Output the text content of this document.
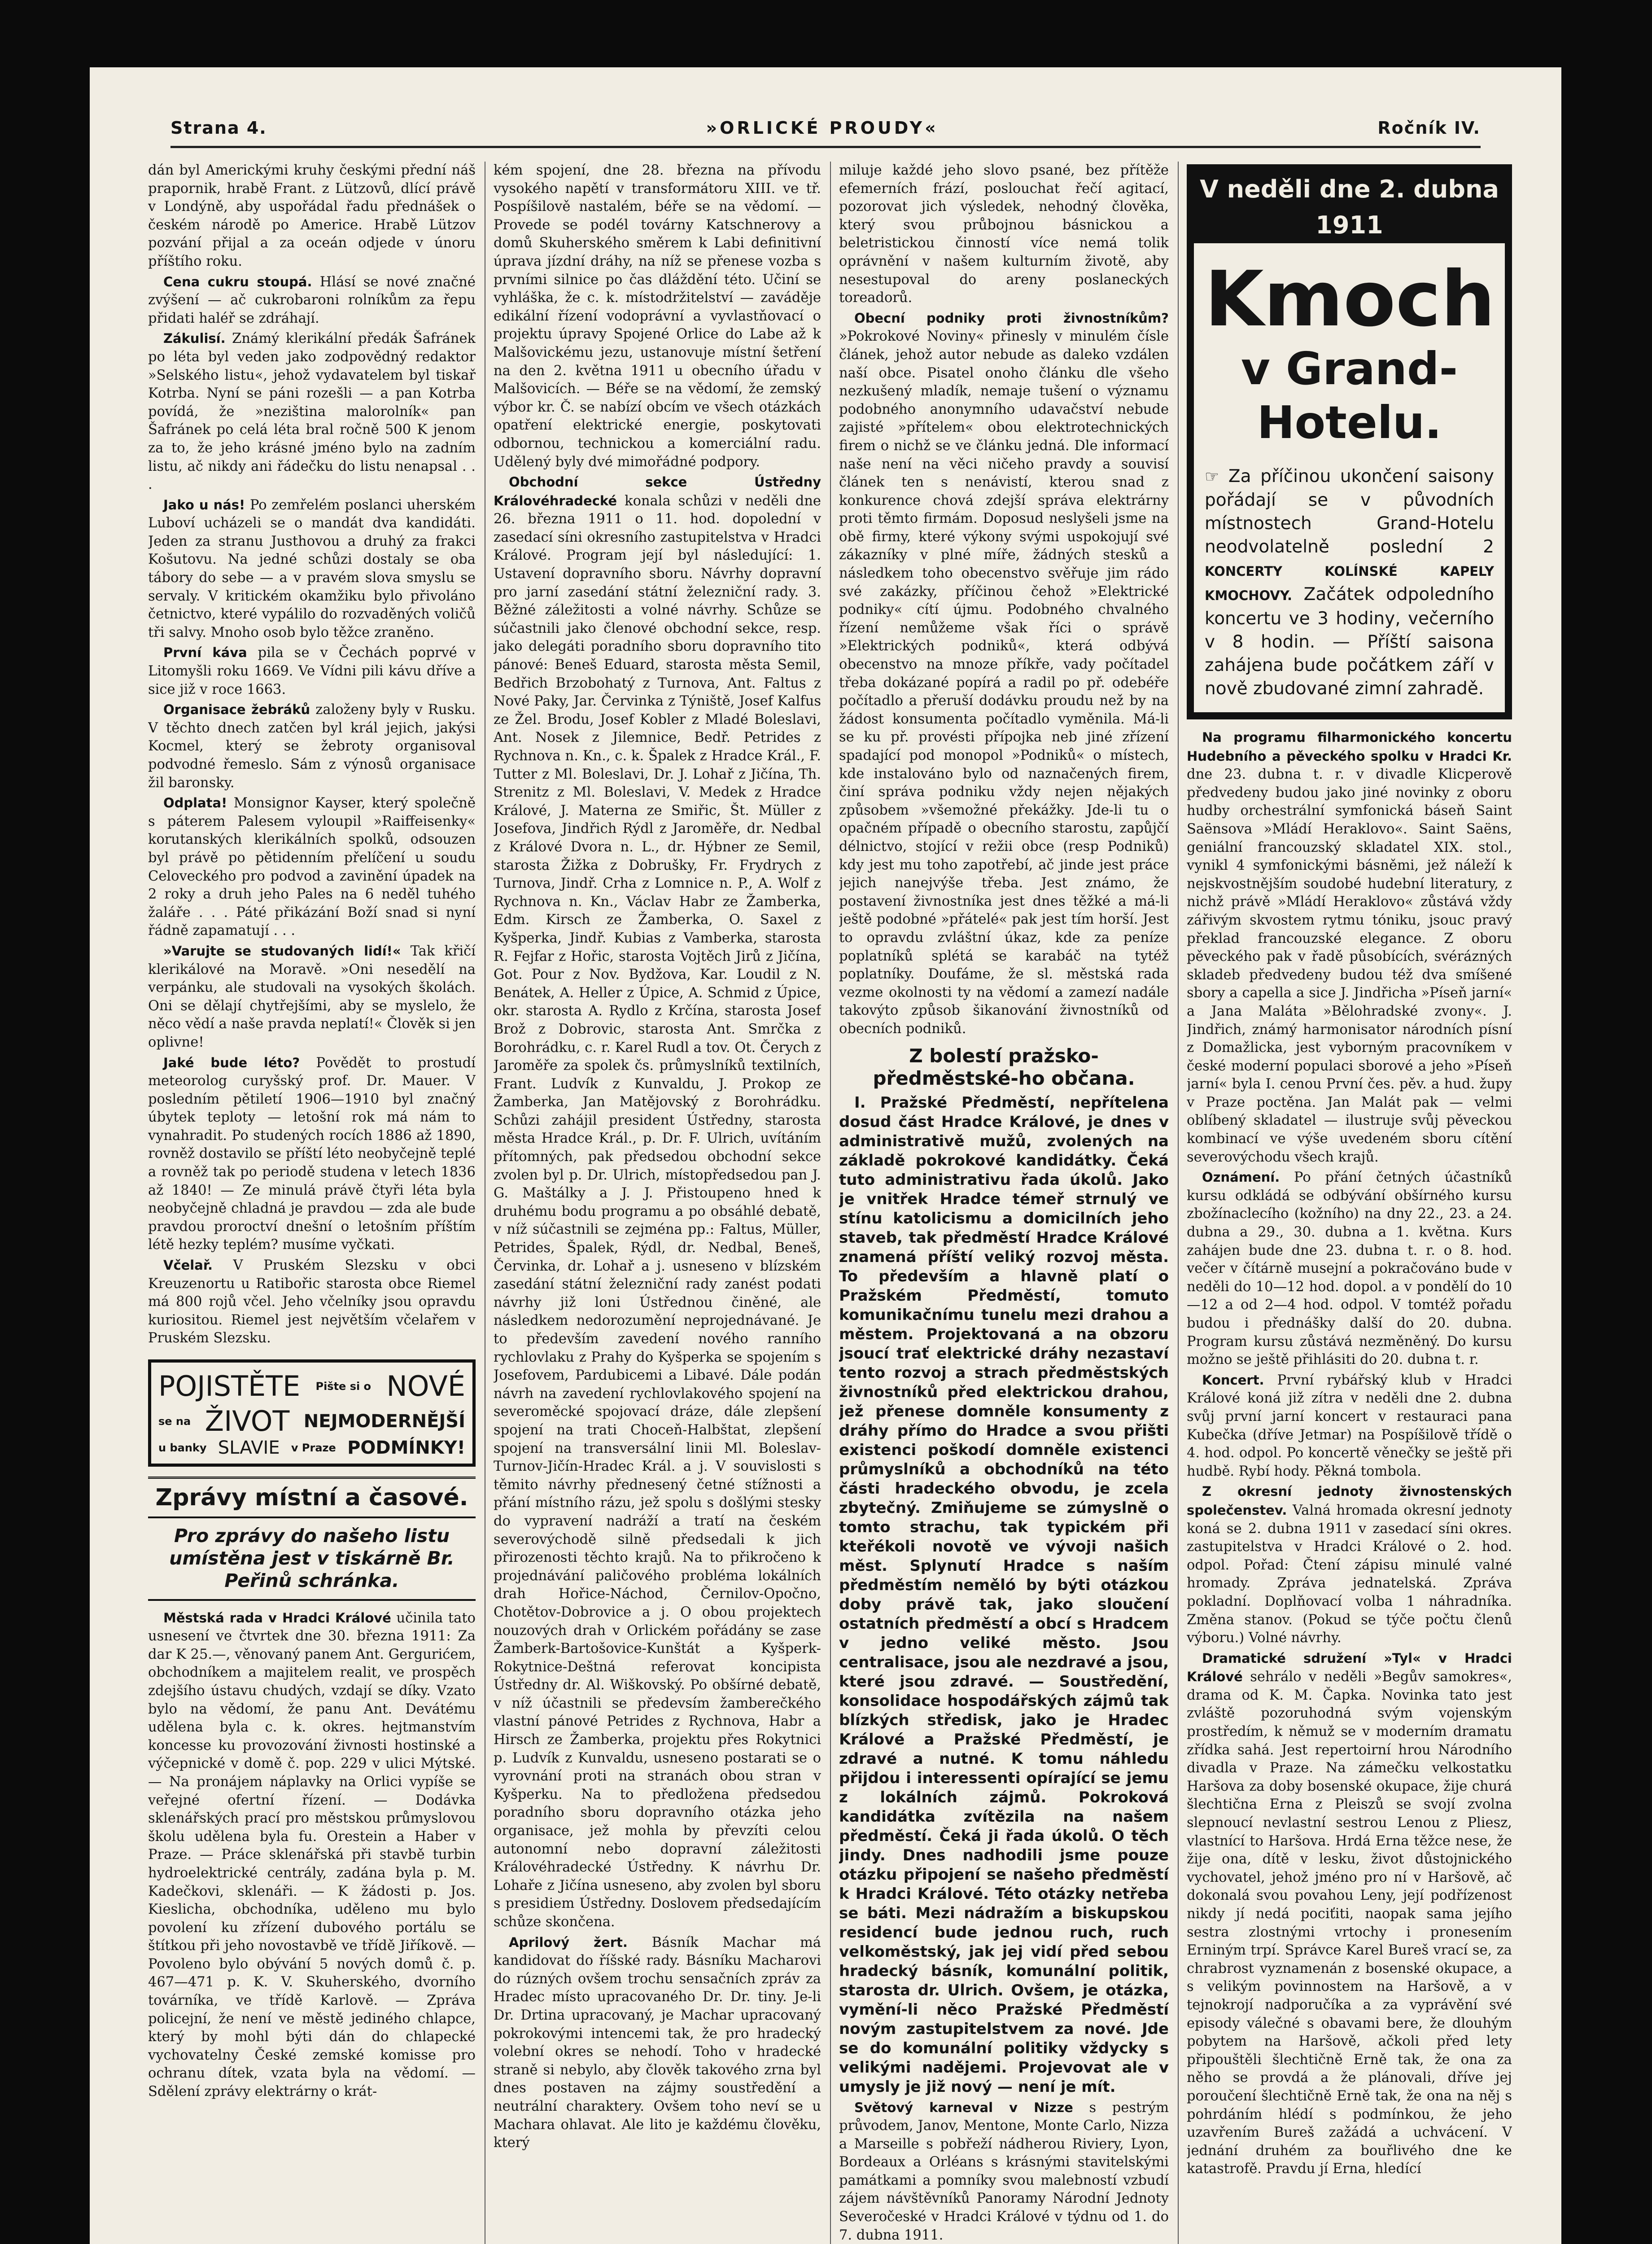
Strana 4.	»ORLICKÉ PROUDY«	Ročník IV.

dán byl Americkými kruhy českými přední náš prapornik, hrabě Frant. z Lützovů, dlící právě v Londýně, aby uspořádal řadu přednášek o českém národě po Americe. Hrabě Lützov pozvání přijal a za oceán odjede v únoru příštího roku.

Cena cukru stoupá. Hlásí se nové značné zvýšení — ač cukrobaroni rolníkům za řepu přidati haléř se zdráhají.

Zákulisí. Známý klerikální předák Šafránek po léta byl veden jako zodpovědný redaktor »Selského listu«, jehož vydavatelem byl tiskař Kotrba. Nyní se páni rozešli — a pan Kotrba povídá, že »neziština malorolník« pan Šafránek po celá léta bral ročně 500 K jenom za to, že jeho krásné jméno bylo na zadním listu, ač nikdy ani řádečku do listu nenapsal . . .

Jako u nás! Po zemřelém poslanci uherském Luboví ucházeli se o mandát dva kandidáti. Jeden za stranu Justhovou a druhý za frakci Košutovu. Na jedné schůzi dostaly se oba tábory do sebe — a v pravém slova smyslu se servaly. V kritickém okamžiku bylo přivoláno četnictvo, které vypálilo do rozvaděných voličů tři salvy. Mnoho osob bylo těžce zraněno.

První káva pila se v Čechách poprvé v Litomyšli roku 1669. Ve Vídni pili kávu dříve a sice již v roce 1663.

Organisace žebráků založeny byly v Rusku. V těchto dnech zatčen byl král jejich, jakýsi Kocmel, který se žebroty organisoval podvodné řemeslo. Sám z výnosů organisace žil baronsky.

Odplata! Monsignor Kayser, který společně s páterem Palesem vyloupil »Raiffeisenky« korutanských klerikálních spolků, odsouzen byl právě po pětidenním přelíčení u soudu Celoveckého pro podvod a zavinění úpadek na 2 roky a druh jeho Pales na 6 neděl tuhého žaláře . . . Páté přikázání Boží snad si nyní řádně zapamatují . . .

»Varujte se studovaných lidí!« Tak křičí klerikálové na Moravě. »Oni nesedělí na verpánku, ale studovali na vysokých školách. Oni se dělají chytřejšími, aby se myslelo, že něco vědí a naše pravda neplatí!« Člověk si jen oplivne!

Jaké bude léto? Povědět to prostudí meteorolog curyšský prof. Dr. Mauer. V posledním pětiletí 1906—1910 byl značný úbytek teploty — letošní rok má nám to vynahradit. Po studených rocích 1886 až 1890, rovněž dostavilo se příští léto neobyčejně teplé a rovněž tak po periodě studena v letech 1836 až 1840! — Ze minulá právě čtyři léta byla neobyčejně chladná je pravdou — zda ale bude pravdou proroctví dnešní o letošním příštím létě hezky teplém? musíme vyčkati.

Včelař. V Pruském Slezsku v obci Kreuzenortu u Ratibořic starosta obce Riemel má 800 rojů včel. Jeho včelníky jsou opravdu kuriositou. Riemel jest největším včelařem v Pruském Slezsku.

POJISTĚTE Pište si o NOVÉ
se na ŽIVOT NEJMODERNĚJŠÍ
u banky SLAVIE v Praze PODMÍNKY!
Zprávy místní a časové.
Pro zprávy do našeho listu umístěna jest v tiskárně Br. Peřinů schránka.

Městská rada v Hradci Králové učinila tato usnesení ve čtvrtek dne 30. března 1911: Za dar K 25.—, věnovaný panem Ant. Gergurićem, obchodníkem a majitelem realit, ve prospěch zdejšího ústavu chudých, vzdají se díky. Vzato bylo na vědomí, že panu Ant. Devátému udělena byla c. k. okres. hejtmanstvím koncesse ku provozování živnosti hostinské a výčepnické v domě č. pop. 229 v ulici Mýtské. — Na pronájem náplavky na Orlici vypíše se veřejné ofertní řízení. — Dodávka sklenářských prací pro městskou průmyslovou školu udělena byla fu. Orestein a Haber v Praze. — Práce sklenářská při stavbě turbin hydroelektrické centrály, zadána byla p. M. Kadečkovi, sklenáři. — K žádosti p. Jos. Kieslicha, obchodníka, uděleno mu bylo povolení ku zřízení dubového portálu se štítkou při jeho novostavbě ve třídě Jiříkově. — Povoleno bylo obývání 5 nových domů č. p. 467—471 p. K. V. Skuherského, dvorního továrníka, ve třídě Karlově. — Zpráva policejní, že není ve městě jediného chlapce, který by mohl býti dán do chlapecké vychovatelny České zemské komisse pro ochranu dítek, vzata byla na vědomí. — Sdělení zprávy elektrárny o krát-

kém spojení, dne 28. března na přívodu vysokého napětí v transformátoru XIII. ve tř. Pospíšilově nastalém, béře se na vědomí. — Provede se podél továrny Katschnerovy a domů Skuherského směrem k Labi definitivní úprava jízdní dráhy, na níž se přenese vozba s prvními silnice po čas dláždění této. Učiní se vyhláška, že c. k. místodržitelství — zaváděje edikální řízení vodoprávní a vyvlastňovací o projektu úpravy Spojené Orlice do Labe až k Malšovickému jezu, ustanovuje místní šetření na den 2. května 1911 u obecního úřadu v Malšovicích. — Béře se na vědomí, že zemský výbor kr. Č. se nabízí obcím ve všech otázkách opatření elektrické energie, poskytovati odbornou, technickou a komerciální radu. Udělený byly dvé mimořádné podpory.

Obchodní sekce Ústředny Královéhradecké konala schůzi v neděli dne 26. března 1911 o 11. hod. dopolední v zasedací síni okresního zastupitelstva v Hradci Králové. Program její byl následující: 1. Ustavení dopravního sboru. Návrhy dopravní pro jarní zasedání státní železniční rady. 3. Běžné záležitosti a volné návrhy. Schůze se súčastnili jako členové obchodní sekce, resp. jako delegáti poradního sboru dopravního tito pánové: Beneš Eduard, starosta města Semil, Bedřich Brzobohatý z Turnova, Ant. Faltus z Nové Paky, Jar. Červinka z Týniště, Josef Kalfus ze Žel. Brodu, Josef Kobler z Mladé Boleslavi, Ant. Nosek z Jilemnice, Bedř. Petrides z Rychnova n. Kn., c. k. Špalek z Hradce Král., F. Tutter z Ml. Boleslavi, Dr. J. Lohař z Jičína, Th. Strenitz z Ml. Boleslavi, V. Medek z Hradce Králové, J. Materna ze Smiřic, Št. Müller z Josefova, Jindřich Rýdl z Jaroměře, dr. Nedbal z Králové Dvora n. L., dr. Hýbner ze Semil, starosta Žižka z Dobrušky, Fr. Frydrych z Turnova, Jindř. Crha z Lomnice n. P., A. Wolf z Rychnova n. Kn., Václav Habr ze Žamberka, Edm. Kirsch ze Žamberka, O. Saxel z Kyšperka, Jindř. Kubias z Vamberka, starosta R. Fejfar z Hořic, starosta Vojtěch Jirů z Jičína, Got. Pour z Nov. Bydžova, Kar. Loudil z N. Benátek, A. Heller z Úpice, A. Schmid z Úpice, okr. starosta A. Rydlo z Krčína, starosta Josef Brož z Dobrovic, starosta Ant. Smrčka z Borohrádku, c. r. Karel Rudl a tov. Ot. Čerych z Jaroměře za spolek čs. průmyslníků textilních, Frant. Ludvík z Kunvaldu, J. Prokop ze Žamberka, Jan Matějovský z Borohrádku. Schůzi zahájil president Ústředny, starosta města Hradce Král., p. Dr. F. Ulrich, uvítáním přítomných, pak předsedou obchodní sekce zvolen byl p. Dr. Ulrich, místopředsedou pan J. G. Maštálky a J. J. Přistoupeno hned k druhému bodu programu a po obsáhlé debatě, v níž súčastnili se zejména pp.: Faltus, Müller, Petrides, Špalek, Rýdl, dr. Nedbal, Beneš, Červinka, dr. Lohař a j. usneseno v blízském zasedání státní železniční rady zanést podati návrhy již loni Ústřednou činěné, ale následkem nedorozumění neprojednávané. Je to především zavedení nového ranního rychlovlaku z Prahy do Kyšperka se spojením s Josefovem, Pardubicemi a Libavé. Dále podán návrh na zavedení rychlovlakového spojení na severoměcké spojovací dráze, dále zlepšení spojení na trati Choceň-Halbštat, zlepšení spojení na transversální linii Ml. Boleslav-Turnov-Jičín-Hradec Král. a j. V souvislosti s těmito návrhy přednesený četné stížnosti a přání místního rázu, jež spolu s došlými stesky do vypravení nadráží a tratí na českém severovýchodě silně předsedali k jich přirozenosti těchto krajů. Na to přikročeno k projednávání paličového probléma lokálních drah Hořice-Náchod, Černilov-Opočno, Chotětov-Dobrovice a j. O obou projektech nouzových drah v Orlickém pořádány se zase Žamberk-Bartošovice-Kunštát a Kyšperk-Rokytnice-Deštná referovat koncipista Ústředny dr. Al. Wiškovský. Po obšírné debatě, v níž účastnili se předevsím žamberečkého vlastní pánové Petrides z Rychnova, Habr a Hirsch ze Žamberka, projektu přes Rokytnici p. Ludvík z Kunvaldu, usneseno postarati se o vyrovnání proti na stranách obou stran v Kyšperku. Na to předložena předsedou poradního sboru dopravního otázka jeho organisace, jež mohla by převzíti celou autonomní nebo dopravní záležitosti Královéhradecké Ústředny. K návrhu Dr. Lohaře z Jičína usneseno, aby zvolen byl sboru s presidiem Ústředny. Doslovem předsedajícím schůze skončena.

Aprilový žert. Básník Machar má kandidovat do říšské rady. Básníku Macharovi do rúzných ovšem trochu sensačních zpráv za Hradec místo upracovaného Dr. Dr. tiny. Je-li Dr. Drtina upracovaný, je Machar upracovaný pokrokovými intencemi tak, že pro hradecký volební okres se nehodí. Toho v hradecké straně si nebylo, aby člověk takového zrna byl dnes postaven na zájmy soustředění a neutrální charaktery. Ovšem toho neví se u Machara ohlavat. Ale lito je každému člověku, který

miluje každé jeho slovo psané, bez přítěže efemerních frází, poslouchat řečí agitací, pozorovat jich výsledek, nehodný člověka, který svou průbojnou básnickou a beletristickou činností více nemá tolik oprávnění v našem kulturním životě, aby nesestupoval do areny poslaneckých toreadorů.

Obecní podniky proti živnostníkům? »Pokrokové Noviny« přinesly v minulém čísle článek, jehož autor nebude as daleko vzdálen naší obce. Pisatel onoho článku dle všeho nezkušený mladík, nemaje tušení o významu podobného anonymního udavačství nebude zajisté »přítelem« obou elektrotechnických firem o nichž se ve článku jedná. Dle informací naše není na věci ničeho pravdy a souvisí článek ten s nenávistí, kterou snad z konkurence chová zdejší správa elektrárny proti těmto firmám. Doposud neslyšeli jsme na obě firmy, které výkony svými uspokojují své zákazníky v plné míře, žádných stesků a následkem toho obecenstvo svěřuje jim rádo své zakázky, příčinou čehož »Elektrické podniky« cítí újmu. Podobného chvalného řízení nemůžeme však říci o správě »Elektrických podniků«, která odbývá obecenstvo na mnoze příkře, vady počítadel třeba dokázané popírá a radil po př. odebéře počítadlo a přeruší dodávku proudu než by na žádost konsumenta počítadlo vyměnila. Má-li se ku př. provésti přípojka neb jiné zřízení spadající pod monopol »Podniků« o místech, kde instalováno bylo od naznačených firem, činí správa podniku vždy nejen nějakých způsobem »všemožné překážky. Jde-li tu o opačném případě o obecního starostu, zapůjčí délnictvo, stojící v režii obce (resp Podniků) kdy jest mu toho zapotřebí, ač jinde jest práce jejich nanejvýše třeba. Jest známo, že postavení živnostníka jest dnes těžké a má-li ještě podobné »přátelé« pak jest tím horší. Jest to opravdu zvláštní úkaz, kde za peníze poplatníků splétá se karabáč na tytéž poplatníky. Doufáme, že sl. městská rada vezme okolnosti ty na vědomí a zamezí nadále takovýto způsob šikanování živnostníků od obecních podniků.

Z bolestí pražsko-předměstské-ho občana.

I. Pražské Předměstí, nepřítelena dosud část Hradce Králové, je dnes v administrativě mužů, zvolených na základě pokrokové kandidátky. Čeká tuto administrativu řada úkolů. Jako je vnitřek Hradce témeř strnulý ve stínu katolicismu a domicilních jeho staveb, tak předměstí Hradce Králové znamená příští veliký rozvoj města. To především a hlavně platí o Pražském Předměstí, tomuto komunikačnímu tunelu mezi drahou a městem. Projektovaná a na obzoru jsoucí trať elektrické dráhy nezastaví tento rozvoj a strach předměstských živnostníků před elektrickou drahou, jež přenese domněle konsumenty z dráhy přímo do Hradce a svou přišti existenci poškodí domněle existenci průmyslníků a obchodníků na této části hradeckého obvodu, je zcela zbytečný. Zmiňujeme se zúmyslně o tomto strachu, tak typickém při kteřékoli novotě ve vývoji našich měst. Splynutí Hradce s naším předměstím neměló by býti otázkou doby právě tak, jako sloučení ostatních předměstí a obcí s Hradcem v jedno veliké město. Jsou centralisace, jsou ale nezdravé a jsou, které jsou zdravé. — Soustředění, konsolidace hospodářských zájmů tak blízkých středisk, jako je Hradec Králové a Pražské Předměstí, je zdravé a nutné. K tomu náhledu přijdou i interessenti opírající se jemu z lokálních zájmů. Pokroková kandidátka zvítězila na našem předměstí. Čeká ji řada úkolů. O těch jindy. Dnes nadhodili jsme pouze otázku připojení se našeho předměstí k Hradci Králové. Této otázky netřeba se báti. Mezi nádražím a biskupskou residencí bude jednou ruch, ruch velkoměstský, jak jej vidí před sebou hradecký básník, komunální politik, starosta dr. Ulrich. Ovšem, je otázka, vymění-li něco Pražské Předměstí novým zastupitelstvem za nové. Jde se do komunální politiky vždycky s velikými nadějemi. Projevovat ale v umysly je již nový — není je mít.

Světový karneval v Nizze s pestrým průvodem, Janov, Mentone, Monte Carlo, Nizza a Marseille s pobřeží nádherou Riviery, Lyon, Bordeaux a Orléans s krásnými stavitelskými památkami a pomníky svou malebností vzbudí zájem návštěvníků Panoramy Národní Jednoty Severočeské v Hradci Králové v týdnu od 1. do 7. dubna 1911.

V neděli dne 2. dubna 1911
Kmoch
v Grand-Hotelu.
☞ Za příčinou ukončení saisony pořádají se v původních místnostech Grand-Hotelu neodvolatelně poslední 2 KONCERTY KOLÍNSKÉ KAPELY KMOCHOVY. Začátek odpoledního koncertu ve 3 hodiny, večerního v 8 hodin. — Příští saisona zahájena bude počátkem září v nově zbudované zimní zahradě.

Na programu filharmonického koncertu Hudebního a pěveckého spolku v Hradci Kr. dne 23. dubna t. r. v divadle Klicperově předvedeny budou jako jiné novinky z oboru hudby orchestrální symfonická báseň Saint Saënsova »Mládí Heraklovo«. Saint Saëns, geniální francouzský skladatel XIX. stol., vynikl 4 symfonickými básněmi, jež náleží k nejskvostnějším soudobé hudební literatury, z nichž právě »Mládí Heraklovo« zůstává vždy zářivým skvostem rytmu tóniku, jsouc pravý překlad francouzské elegance. Z oboru pěveckého pak v řadě působících, svérázných skladeb předvedeny budou též dva smíšené sbory a capella a sice J. Jindřicha »Píseň jarní« a Jana Maláta »Bělohradské zvony«. J. Jindřich, známý harmonisator národních písní z Domažlicka, jest vyborným pracovníkem v české moderní populaci sborové a jeho »Píseň jarní« byla I. cenou První čes. pěv. a hud. župy v Praze poctěna. Jan Malát pak — velmi oblíbený skladatel — ilustruje svůj pěveckou kombinací ve výše uvedeném sboru cítění severovýchodu všech krajů.

Oznámení. Po přání četných účastníků kursu odkládá se odbývání obšírného kursu zbožínaclecího (kožního) na dny 22., 23. a 24. dubna a 29., 30. dubna a 1. května. Kurs zahájen bude dne 23. dubna t. r. o 8. hod. večer v čítárně musejní a pokračováno bude v neděli do 10—12 hod. dopol. a v pondělí do 10—12 a od 2—4 hod. odpol. V tomtéž pořadu budou i přednášky další do 20. dubna. Program kursu zůstává nezměněný. Do kursu možno se ještě přihlásiti do 20. dubna t. r.

Koncert. První rybářský klub v Hradci Králové koná již zítra v neděli dne 2. dubna svůj první jarní koncert v restauraci pana Kubečka (dříve Jetmar) na Pospíšilově třídě o 4. hod. odpol. Po koncertě věnečky se ještě při hudbě. Rybí hody. Pěkná tombola.

Z okresní jednoty živnostenských společenstev. Valná hromada okresní jednoty koná se 2. dubna 1911 v zasedací síni okres. zastupitelstva v Hradci Králové o 2. hod. odpol. Pořad: Čtení zápisu minulé valné hromady. Zpráva jednatelská. Zpráva pokladní. Doplňovací volba 1 náhradníka. Změna stanov. (Pokud se týče počtu členů výboru.) Volné návrhy.

Dramatické sdružení »Tyl« v Hradci Králové sehrálo v neděli »Begův samokres«, drama od K. M. Čapka. Novinka tato jest zvláště pozoruhodná svým vojenským prostředím, k němuž se v moderním dramatu zřídka sahá. Jest repertoirní hrou Národního divadla v Praze. Na zámečku velkostatku Haršova za doby bosenské okupace, žije churá šlechtična Erna z Pleiszů se svojí zvolna slepnoucí nevlastní sestrou Lenou z Pliesz, vlastnící to Haršova. Hrdá Erna těžce nese, že žije ona, dítě v lesku, život důstojnického vychovatel, jehož jméno pro ní v Haršově, ač dokonalá svou povahou Leny, její podřízenost nikdy jí nedá pociťiti, naopak sama jejího sestra zlostnými vrtochy i pronesením Erniným trpí. Správce Karel Bureš vrací se, za chrabrost vyznamenán z bosenské okupace, a s velikým povinnostem na Haršově, a v tejnokrojí nadporučíka a za vyprávění své episody válečné s obavami bere, že dlouhým pobytem na Haršově, ačkoli před lety připouštěli šlechtičně Erně tak, že ona za něho se provdá a že plánovali, dříve jej poroučení šlechtičně Erně tak, že ona na něj s pohrdáním hlédí s podmínkou, že jeho uzavřením Bureš zažádá a uchvácení. V jednání druhém za bouřlivého dne ke katastrofě. Pravdu jí Erna, hledící
